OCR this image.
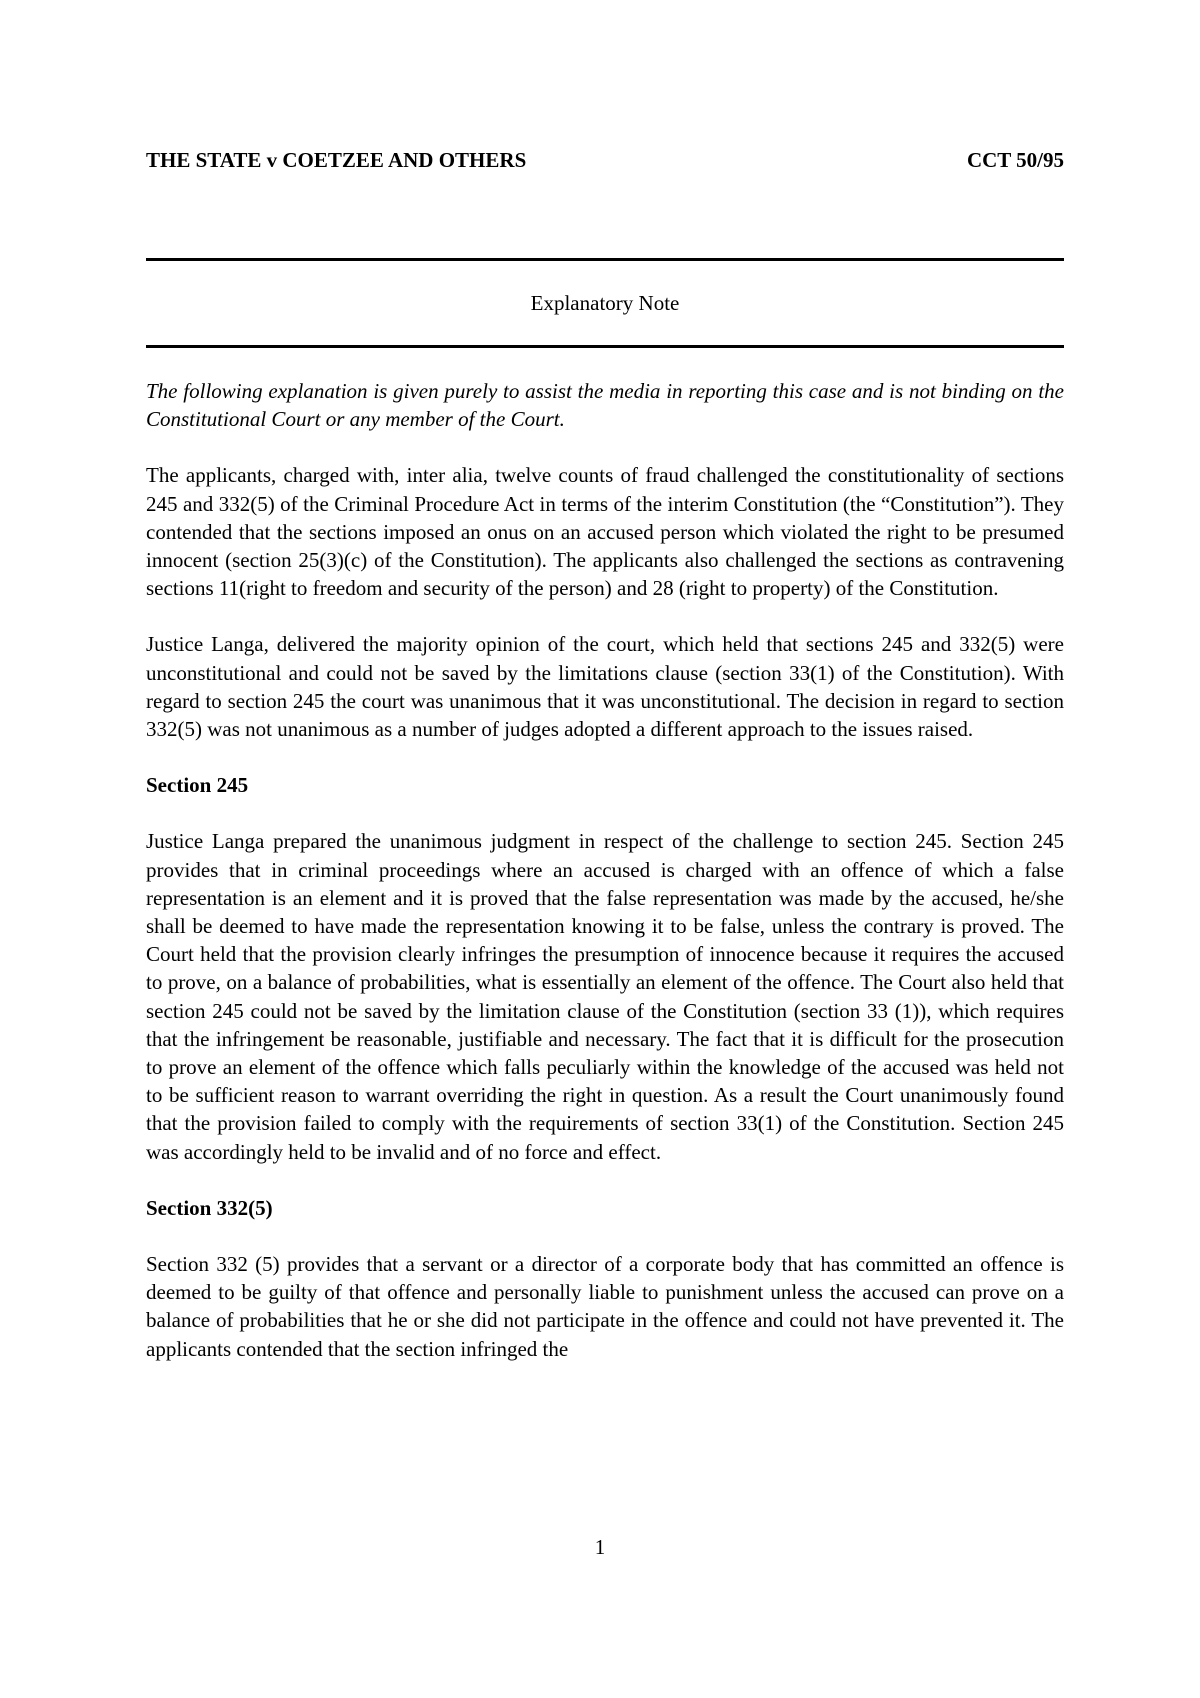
THE STATE v COETZEE AND OTHERS	CCT 50/95
Explanatory Note

The following explanation is given purely to assist the media in reporting this case and is not binding on the Constitutional Court or any member of the Court.

The applicants, charged with, inter alia, twelve counts of fraud challenged the constitutionality of sections 245 and 332(5) of the Criminal Procedure Act in terms of the interim Constitution (the “Constitution”). They contended that the sections imposed an onus on an accused person which violated the right to be presumed innocent (section 25(3)(c) of the Constitution). The applicants also challenged the sections as contravening sections 11(right to freedom and security of the person) and 28 (right to property) of the Constitution.

Justice Langa, delivered the majority opinion of the court, which held that sections 245 and 332(5) were unconstitutional and could not be saved by the limitations clause (section 33(1) of the Constitution). With regard to section 245 the court was unanimous that it was unconstitutional. The decision in regard to section 332(5) was not unanimous as a number of judges adopted a different approach to the issues raised.

Section 245

Justice Langa prepared the unanimous judgment in respect of the challenge to section 245. Section 245 provides that in criminal proceedings where an accused is charged with an offence of which a false representation is an element and it is proved that the false representation was made by the accused, he/she shall be deemed to have made the representation knowing it to be false, unless the contrary is proved. The Court held that the provision clearly infringes the presumption of innocence because it requires the accused to prove, on a balance of probabilities, what is essentially an element of the offence. The Court also held that section 245 could not be saved by the limitation clause of the Constitution (section 33 (1)), which requires that the infringement be reasonable, justifiable and necessary. The fact that it is difficult for the prosecution to prove an element of the offence which falls peculiarly within the knowledge of the accused was held not to be sufficient reason to warrant overriding the right in question. As a result the Court unanimously found that the provision failed to comply with the requirements of section 33(1) of the Constitution. Section 245 was accordingly held to be invalid and of no force and effect.

Section 332(5)

Section 332 (5) provides that a servant or a director of a corporate body that has committed an offence is deemed to be guilty of that offence and personally liable to punishment unless the accused can prove on a balance of probabilities that he or she did not participate in the offence and could not have prevented it. The applicants contended that the section infringed the

1
